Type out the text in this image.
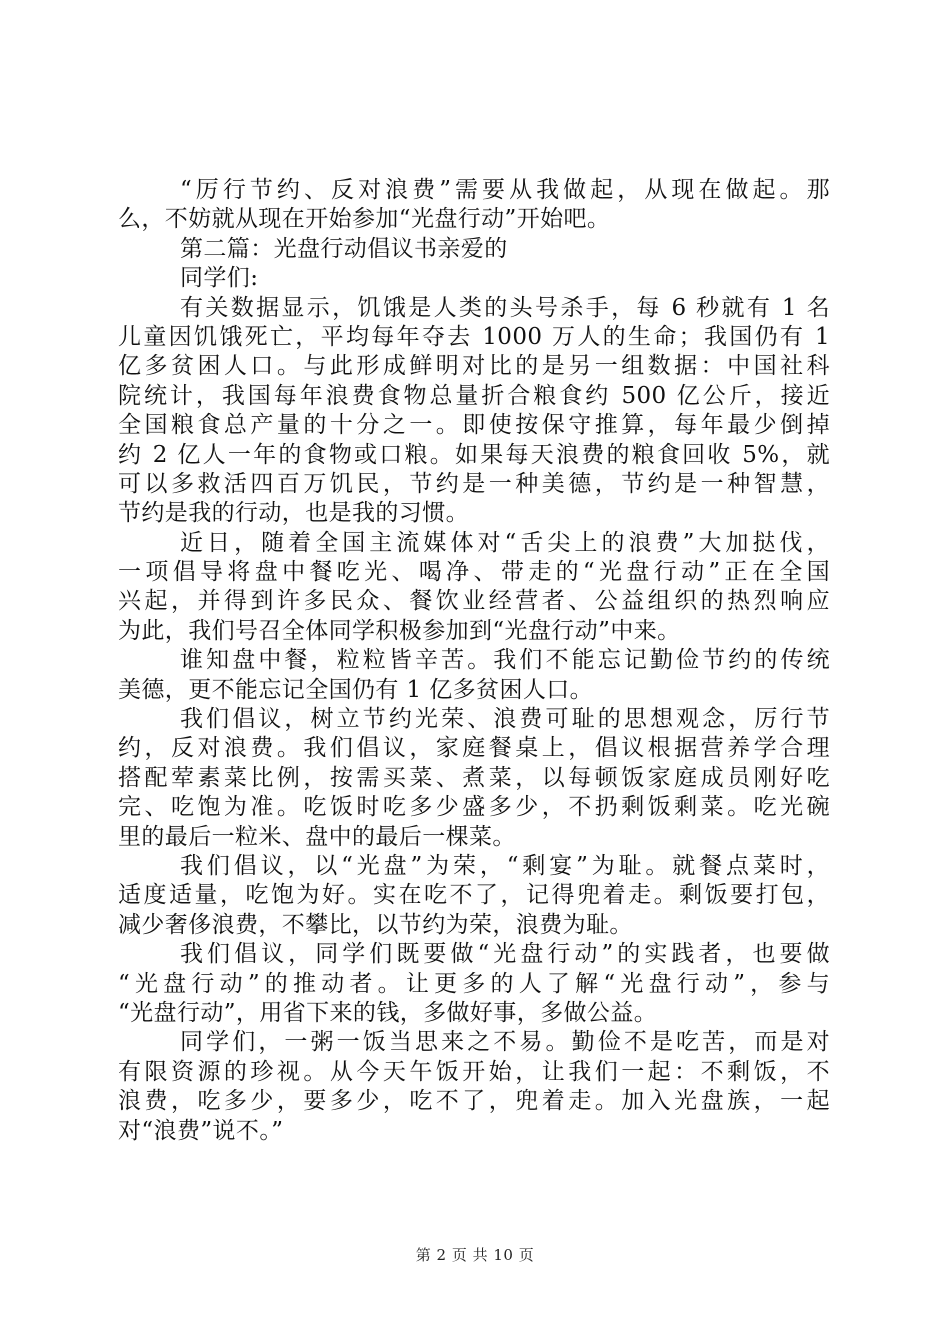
“厉行节约、反对浪费”需要从我做起，从现在做起。那
么，不妨就从现在开始参加“光盘行动”开始吧。
第二篇：光盘行动倡议书亲爱的
同学们:
有关数据显示，饥饿是人类的头号杀手，每 6 秒就有 1 名
儿童因饥饿死亡，平均每年夺去 1000 万人的生命；我国仍有 1
亿多贫困人口。与此形成鲜明对比的是另一组数据：中国社科
院统计，我国每年浪费食物总量折合粮食约 500 亿公斤，接近
全国粮食总产量的十分之一。即使按保守推算，每年最少倒掉
约 2 亿人一年的食物或口粮。如果每天浪费的粮食回收 5%，就
可以多救活四百万饥民，节约是一种美德，节约是一种智慧，
节约是我的行动，也是我的习惯。
近日，随着全国主流媒体对“舌尖上的浪费”大加挞伐，
一项倡导将盘中餐吃光、喝净、带走的“光盘行动”正在全国
兴起，并得到许多民众、餐饮业经营者、公益组织的热烈响应
为此，我们号召全体同学积极参加到“光盘行动”中来。
谁知盘中餐，粒粒皆辛苦。我们不能忘记勤俭节约的传统
美德，更不能忘记全国仍有 1 亿多贫困人口。
我们倡议，树立节约光荣、浪费可耻的思想观念，厉行节
约，反对浪费。我们倡议，家庭餐桌上，倡议根据营养学合理
搭配荤素菜比例，按需买菜、煮菜，以每顿饭家庭成员刚好吃
完、吃饱为准。吃饭时吃多少盛多少，不扔剩饭剩菜。吃光碗
里的最后一粒米、盘中的最后一棵菜。
我们倡议，以“光盘”为荣，“剩宴”为耻。就餐点菜时，
适度适量，吃饱为好。实在吃不了，记得兜着走。剩饭要打包，
减少奢侈浪费，不攀比，以节约为荣，浪费为耻。
我们倡议，同学们既要做“光盘行动”的实践者，也要做
“光盘行动”的推动者。让更多的人了解“光盘行动”，参与
“光盘行动”，用省下来的钱，多做好事，多做公益。
同学们，一粥一饭当思来之不易。勤俭不是吃苦，而是对
有限资源的珍视。从今天午饭开始，让我们一起：不剩饭，不
浪费，吃多少，要多少，吃不了，兜着走。加入光盘族，一起
对“浪费”说不。”
第 2 页 共 10 页
